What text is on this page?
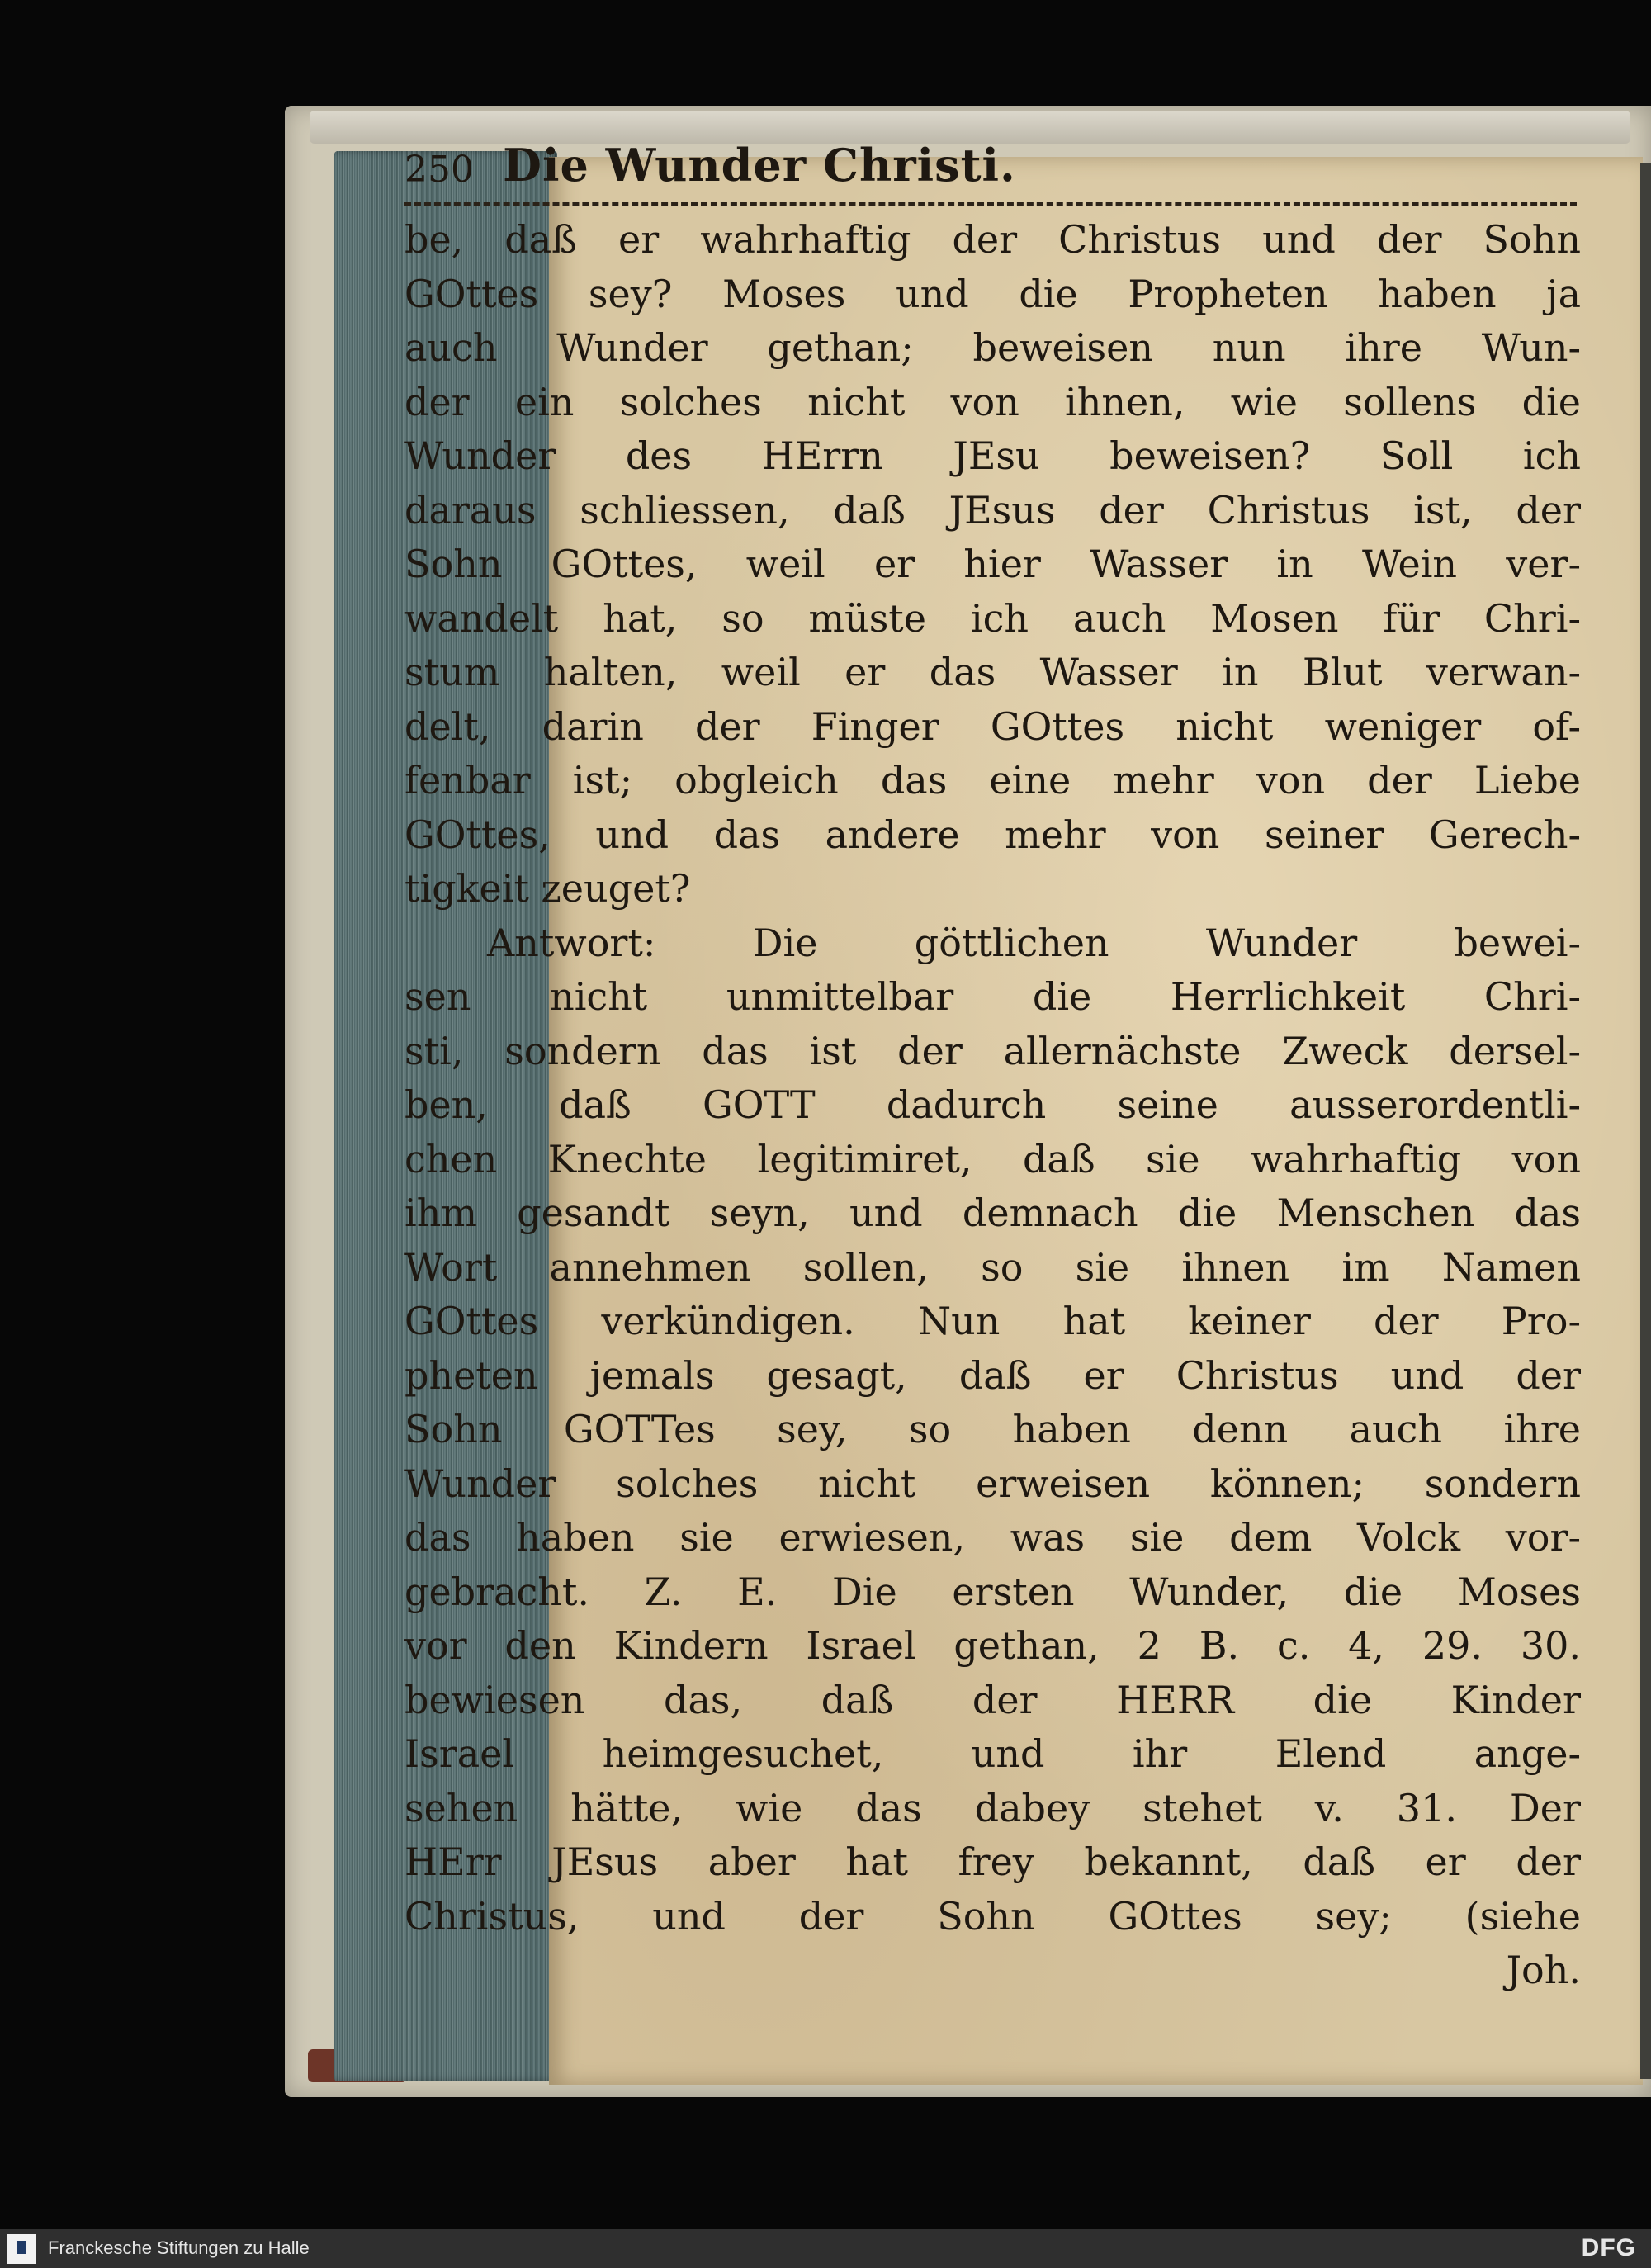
250 Die Wunder Christi.
be, daß er wahrhaftig der Christus und der Sohn
GOttes sey? Moses und die Propheten haben ja
auch Wunder gethan; beweisen nun ihre Wun-
der ein solches nicht von ihnen, wie sollens die
Wunder des HErrn JEsu beweisen? Soll ich
daraus schliessen, daß JEsus der Christus ist, der
Sohn GOttes, weil er hier Wasser in Wein ver-
wandelt hat, so müste ich auch Mosen für Chri-
stum halten, weil er das Wasser in Blut verwan-
delt, darin der Finger GOttes nicht weniger of-
fenbar ist; obgleich das eine mehr von der Liebe
GOttes, und das andere mehr von seiner Gerech-
tigkeit zeuget?
Antwort: Die göttlichen Wunder bewei-
sen nicht unmittelbar die Herrlichkeit Chri-
sti, sondern das ist der allernächste Zweck dersel-
ben, daß GOTT dadurch seine ausserordentli-
chen Knechte legitimiret, daß sie wahrhaftig von
ihm gesandt seyn, und demnach die Menschen das
Wort annehmen sollen, so sie ihnen im Namen
GOttes verkündigen. Nun hat keiner der Pro-
pheten jemals gesagt, daß er Christus und der
Sohn GOTTes sey, so haben denn auch ihre
Wunder solches nicht erweisen können; sondern
das haben sie erwiesen, was sie dem Volck vor-
gebracht. Z. E. Die ersten Wunder, die Moses
vor den Kindern Israel gethan, 2 B. c. 4, 29. 30.
bewiesen das, daß der HERR die Kinder
Israel heimgesuchet, und ihr Elend ange-
sehen hätte, wie das dabey stehet v. 31. Der
HErr JEsus aber hat frey bekannt, daß er der
Christus, und der Sohn GOttes sey; (siehe
Joh.
Franckesche Stiftungen zu Halle	DFG
